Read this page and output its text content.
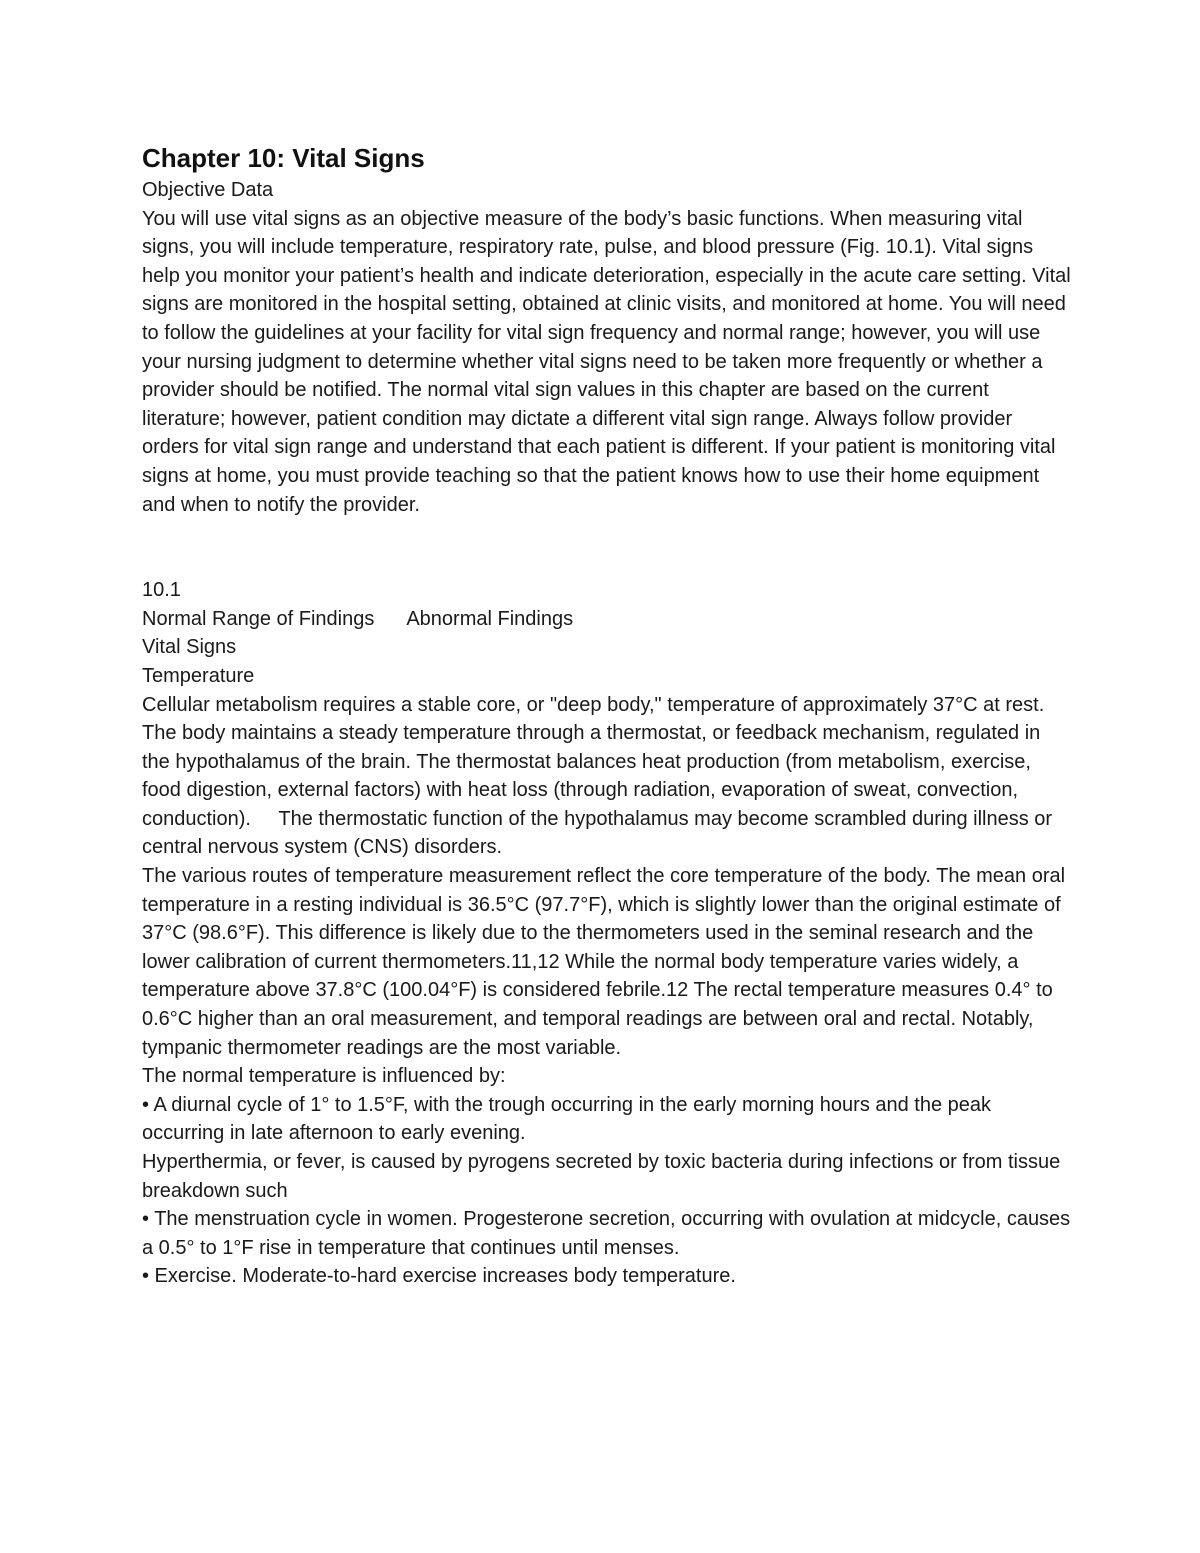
Chapter 10: Vital Signs

Objective Data

You will use vital signs as an objective measure of the body’s basic functions. When measuring vital signs, you will include temperature, respiratory rate, pulse, and blood pressure (Fig. 10.1). Vital signs help you monitor your patient’s health and indicate deterioration, especially in the acute care setting. Vital signs are monitored in the hospital setting, obtained at clinic visits, and monitored at home. You will need to follow the guidelines at your facility for vital sign frequency and normal range; however, you will use your nursing judgment to determine whether vital signs need to be taken more frequently or whether a provider should be notified. The normal vital sign values in this chapter are based on the current literature; however, patient condition may dictate a different vital sign range. Always follow provider orders for vital sign range and understand that each patient is different. If your patient is monitoring vital signs at home, you must provide teaching so that the patient knows how to use their home equipment and when to notify the provider.

10.1

Normal Range of Findings Abnormal Findings

Vital Signs

Temperature

Cellular metabolism requires a stable core, or "deep body," temperature of approximately 37°C at rest. The body maintains a steady temperature through a thermostat, or feedback mechanism, regulated in the hypothalamus of the brain. The thermostat balances heat production (from metabolism, exercise, food digestion, external factors) with heat loss (through radiation, evaporation of sweat, convection, conduction).     The thermostatic function of the hypothalamus may become scrambled during illness or central nervous system (CNS) disorders.

The various routes of temperature measurement reflect the core temperature of the body. The mean oral temperature in a resting individual is 36.5°C (97.7°F), which is slightly lower than the original estimate of 37°C (98.6°F). This difference is likely due to the thermometers used in the seminal research and the lower calibration of current thermometers.11,12 While the normal body temperature varies widely, a temperature above 37.8°C (100.04°F) is considered febrile.12 The rectal temperature measures 0.4° to 0.6°C higher than an oral measurement, and temporal readings are between oral and rectal. Notably, tympanic thermometer readings are the most variable.

The normal temperature is influenced by:

• A diurnal cycle of 1° to 1.5°F, with the trough occurring in the early morning hours and the peak occurring in late afternoon to early evening.

Hyperthermia, or fever, is caused by pyrogens secreted by toxic bacteria during infections or from tissue breakdown such

• The menstruation cycle in women. Progesterone secretion, occurring with ovulation at midcycle, causes a 0.5° to 1°F rise in temperature that continues until menses.

• Exercise. Moderate-to-hard exercise increases body temperature.
